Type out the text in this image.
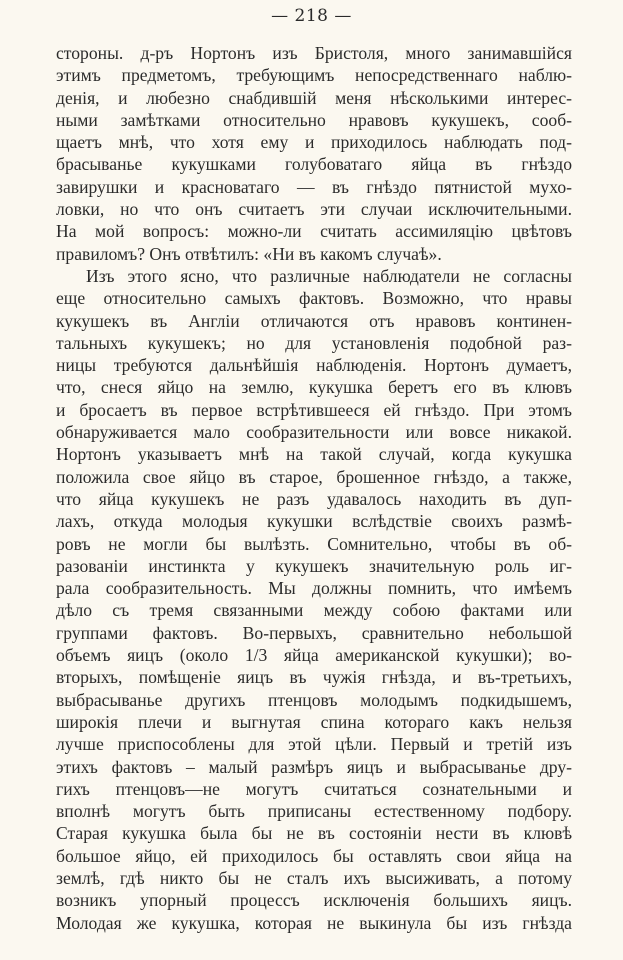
— 218 —
стороны. д-ръ Нортонъ изъ Бристоля, много занимавшійся
этимъ предметомъ, требующимъ непосредственнаго наблю-
денія, и любезно снабдившій меня нѣсколькими интерес-
ными замѣтками относительно нравовъ кукушекъ, сооб-
щаетъ мнѣ, что хотя ему и приходилось наблюдать под-
брасыванье кукушками голубоватаго яйца въ гнѣздо
завирушки и красноватаго — въ гнѣздо пятнистой мухо-
ловки, но что онъ считаетъ эти случаи исключительными.
На мой вопросъ: можно-ли считать ассимиляцію цвѣтовъ
правиломъ? Онъ отвѣтилъ: «Ни въ какомъ случаѣ».
Изъ этого ясно, что различные наблюдатели не согласны
еще относительно самыхъ фактовъ. Возможно, что нравы
кукушекъ въ Англіи отличаются отъ нравовъ континен-
тальныхъ кукушекъ; но для установленія подобной раз-
ницы требуются дальнѣйшія наблюденія. Нортонъ думаетъ,
что, снеся яйцо на землю, кукушка беретъ его въ клювъ
и бросаетъ въ первое встрѣтившееся ей гнѣздо. При этомъ
обнаруживается мало сообразительности или вовсе никакой.
Нортонъ указываетъ мнѣ на такой случай, когда кукушка
положила свое яйцо въ старое, брошенное гнѣздо, а также,
что яйца кукушекъ не разъ удавалось находить въ дуп-
лахъ, откуда молодыя кукушки вслѣдствіе своихъ размѣ-
ровъ не могли бы вылѣзть. Сомнительно, чтобы въ об-
разованіи инстинкта у кукушекъ значительную роль иг-
рала сообразительность. Мы должны помнить, что имѣемъ
дѣло съ тремя связанными между собою фактами или
группами фактовъ. Во-первыхъ, сравнительно небольшой
объемъ яицъ (около 1/3 яйца американской кукушки); во-
вторыхъ, помѣщеніе яицъ въ чужія гнѣзда, и въ-третьихъ,
выбрасыванье другихъ птенцовъ молодымъ подкидышемъ,
широкія плечи и выгнутая спина котораго какъ нельзя
лучше приспособлены для этой цѣли. Первый и третій изъ
этихъ фактовъ – малый размѣръ яицъ и выбрасыванье дру-
гихъ птенцовъ—не могутъ считаться сознательными и
вполнѣ могутъ быть приписаны естественному подбору.
Старая кукушка была бы не въ состояніи нести въ клювѣ
большое яйцо, ей приходилось бы оставлять свои яйца на
землѣ, гдѣ никто бы не сталъ ихъ высиживать, а потому
возникъ упорный процессъ исключенія большихъ яицъ.
Молодая же кукушка, которая не выкинула бы изъ гнѣзда
